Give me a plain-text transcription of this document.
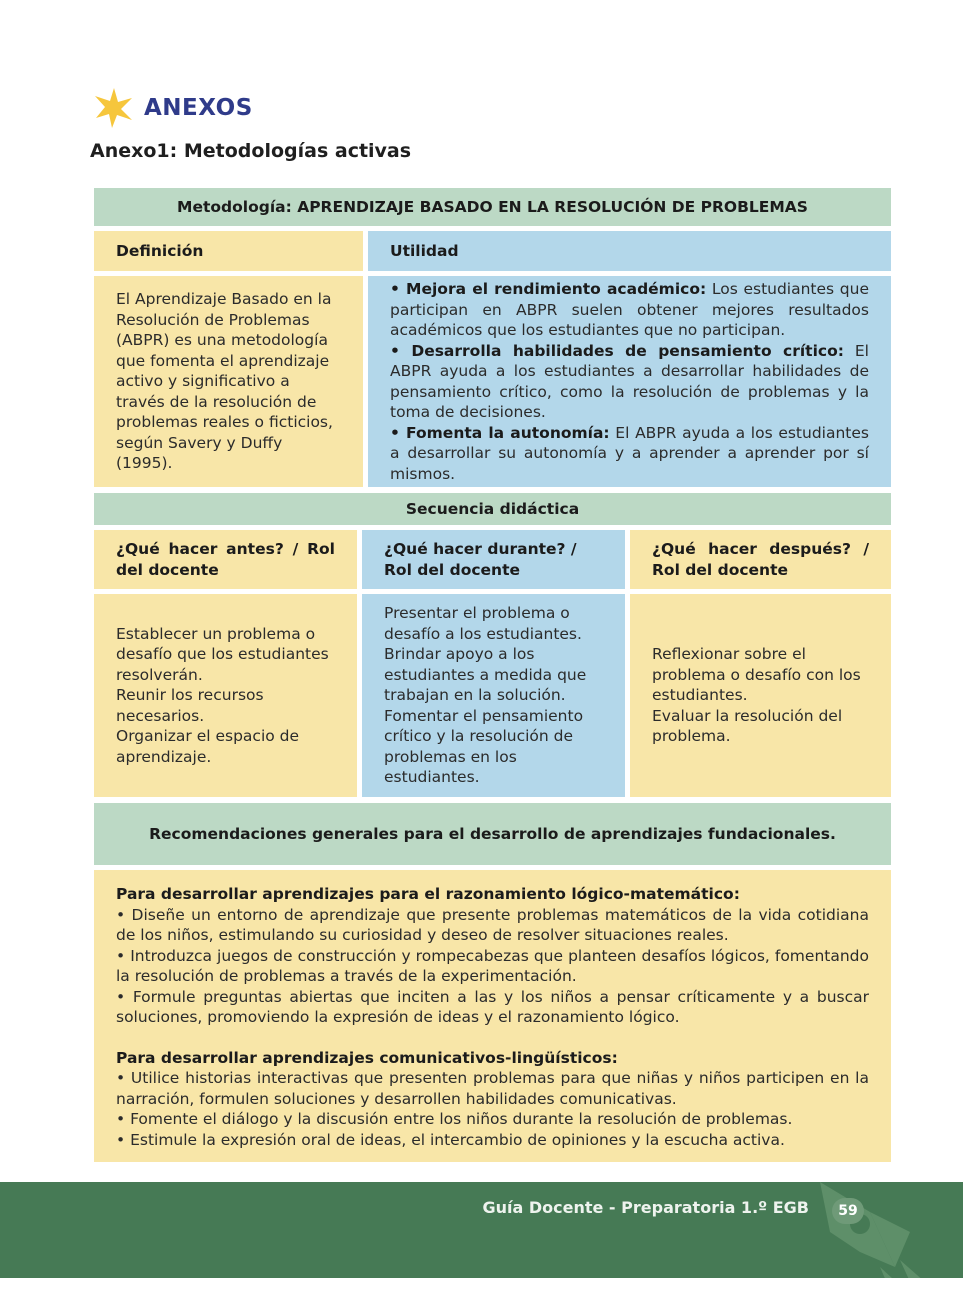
ANEXOS
Anexo1: Metodologías activas
Metodología: APRENDIZAJE BASADO EN LA RESOLUCIÓN DE PROBLEMAS
Definición	Utilidad
El Aprendizaje Basado en la Resolución de Problemas (ABPR) es una metodología que fomenta el aprendizaje activo y significativo a través de la resolución de problemas reales o ficticios, según Savery y Duffy (1995).
• Mejora el rendimiento académico: Los estudiantes que participan en ABPR suelen obtener mejores resultados académicos que los estudiantes que no participan.
• Desarrolla habilidades de pensamiento crítico: El ABPR ayuda a los estudiantes a desarrollar habilidades de pensamiento crítico, como la resolución de problemas y la toma de decisiones.
• Fomenta la autonomía: El ABPR ayuda a los estudiantes a desarrollar su autonomía y a aprender a aprender por sí mismos.
Secuencia didáctica
¿Qué hacer antes? / Rol del docente
¿Qué hacer durante? / Rol del docente
¿Qué hacer después? / Rol del docente
Establecer un problema o desafío que los estudiantes resolverán.
Reunir los recursos necesarios.
Organizar el espacio de aprendizaje.
Presentar el problema o desafío a los estudiantes.
Brindar apoyo a los estudiantes a medida que trabajan en la solución.
Fomentar el pensamiento crítico y la resolución de problemas en los estudiantes.
Reflexionar sobre el problema o desafío con los estudiantes.
Evaluar la resolución del problema.
Recomendaciones generales para el desarrollo de aprendizajes fundacionales.

Para desarrollar aprendizajes para el razonamiento lógico-matemático:

• Diseñe un entorno de aprendizaje que presente problemas matemáticos de la vida cotidiana de los niños, estimulando su curiosidad y deseo de resolver situaciones reales.
• Introduzca juegos de construcción y rompecabezas que planteen desafíos lógicos, fomentando la resolución de problemas a través de la experimentación.
• Formule preguntas abiertas que inciten a las y los niños a pensar críticamente y a buscar soluciones, promoviendo la expresión de ideas y el razonamiento lógico.

Para desarrollar aprendizajes comunicativos-lingüísticos:

• Utilice historias interactivas que presenten problemas para que niñas y niños participen en la narración, formulen soluciones y desarrollen habilidades comunicativas.
• Fomente el diálogo y la discusión entre los niños durante la resolución de problemas.
• Estimule la expresión oral de ideas, el intercambio de opiniones y la escucha activa.
Guía Docente - Preparatoria 1.º EGB	59
